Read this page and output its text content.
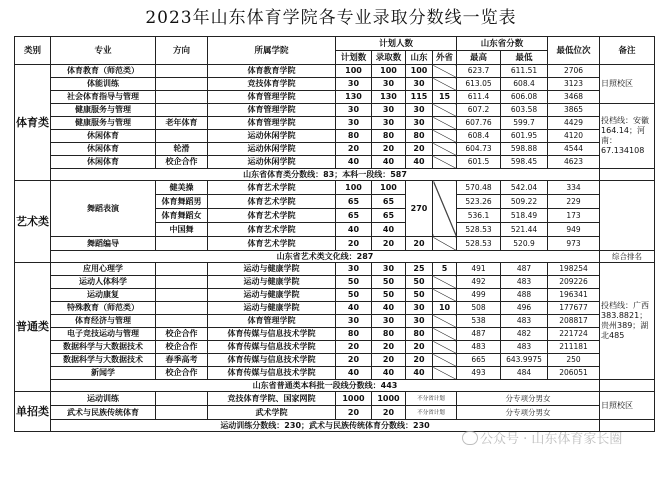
2023年山东体育学院各专业录取分数线一览表
类别	专业	方向	所属学院	计划人数				山东省分数		最低位次	备注
				计划数	录取数	山东	外省	最高	最低		
体育类	体育教育（师范类）		体育教育学院	100	100	100		623.7	611.51	2706	日照校区
	体能训练		竞技体育学院	30	30	30		613.05	608.4	3123	
	社会体育指导与管理		体育管理学院	130	130	115	15	611.4	606.08	3468	
	健康服务与管理		体育管理学院	30	30	30		607.2	603.58	3865	投档线：安徽164.14；河南：67.134108
	健康服务与管理	老年体育	体育管理学院	30	30	30		607.76	599.7	4429	
	休闲体育		运动休闲学院	80	80	80		608.4	601.95	4120	
	休闲体育	轮滑	运动休闲学院	20	20	20		604.73	598.88	4544	
	休闲体育	校企合作	运动休闲学院	40	40	40		601.5	598.45	4623	
	山东省体育类分数线：83；本科一段线：587										
艺术类	舞蹈表演	健美操	体育艺术学院	100	100	270		570.48	542.04	334	
		体育舞蹈男	体育艺术学院	65	65			523.26	509.22	229	
		体育舞蹈女	体育艺术学院	65	65			536.1	518.49	173	
		中国舞	体育艺术学院	40	40			528.53	521.44	949	
	舞蹈编导		体育艺术学院	20	20	20		528.53	520.9	973	
	山东省艺术类文化线：287										综合排名
普通类	应用心理学		运动与健康学院	30	30	25	5	491	487	198254	投档线：广西383.8821；贵州389；湖北485
	运动人体科学		运动与健康学院	50	50	50		492	483	209226	
	运动康复		运动与健康学院	50	50	50		499	488	196341	
	特殊教育（师范类）		运动与健康学院	40	40	30	10	508	496	177677	
	体育经济与管理		体育管理学院	30	30	30		538	483	208817	
	电子竞技运动与管理	校企合作	体育传媒与信息技术学院	80	80	80		487	482	221724	
	数据科学与大数据技术	校企合作	体育传媒与信息技术学院	20	20	20		483	483	211181	
	数据科学与大数据技术	春季高考	体育传媒与信息技术学院	20	20	20		665	643.9975	250	
	新闻学	校企合作	体育传媒与信息技术学院	40	40	40		493	484	206051	
	山东省普通类本科批一段线分数线：443										
单招类	运动训练		竞技体育学院、国家网院	1000	1000	不分省计划		分专项分男女			日照校区
	武术与民族传统体育		武术学院	20	20	不分省计划		分专项分男女			
	运动训练分数线：230；武术与民族传统体育分数线：230										
公众号 · 山东体育家长圈
